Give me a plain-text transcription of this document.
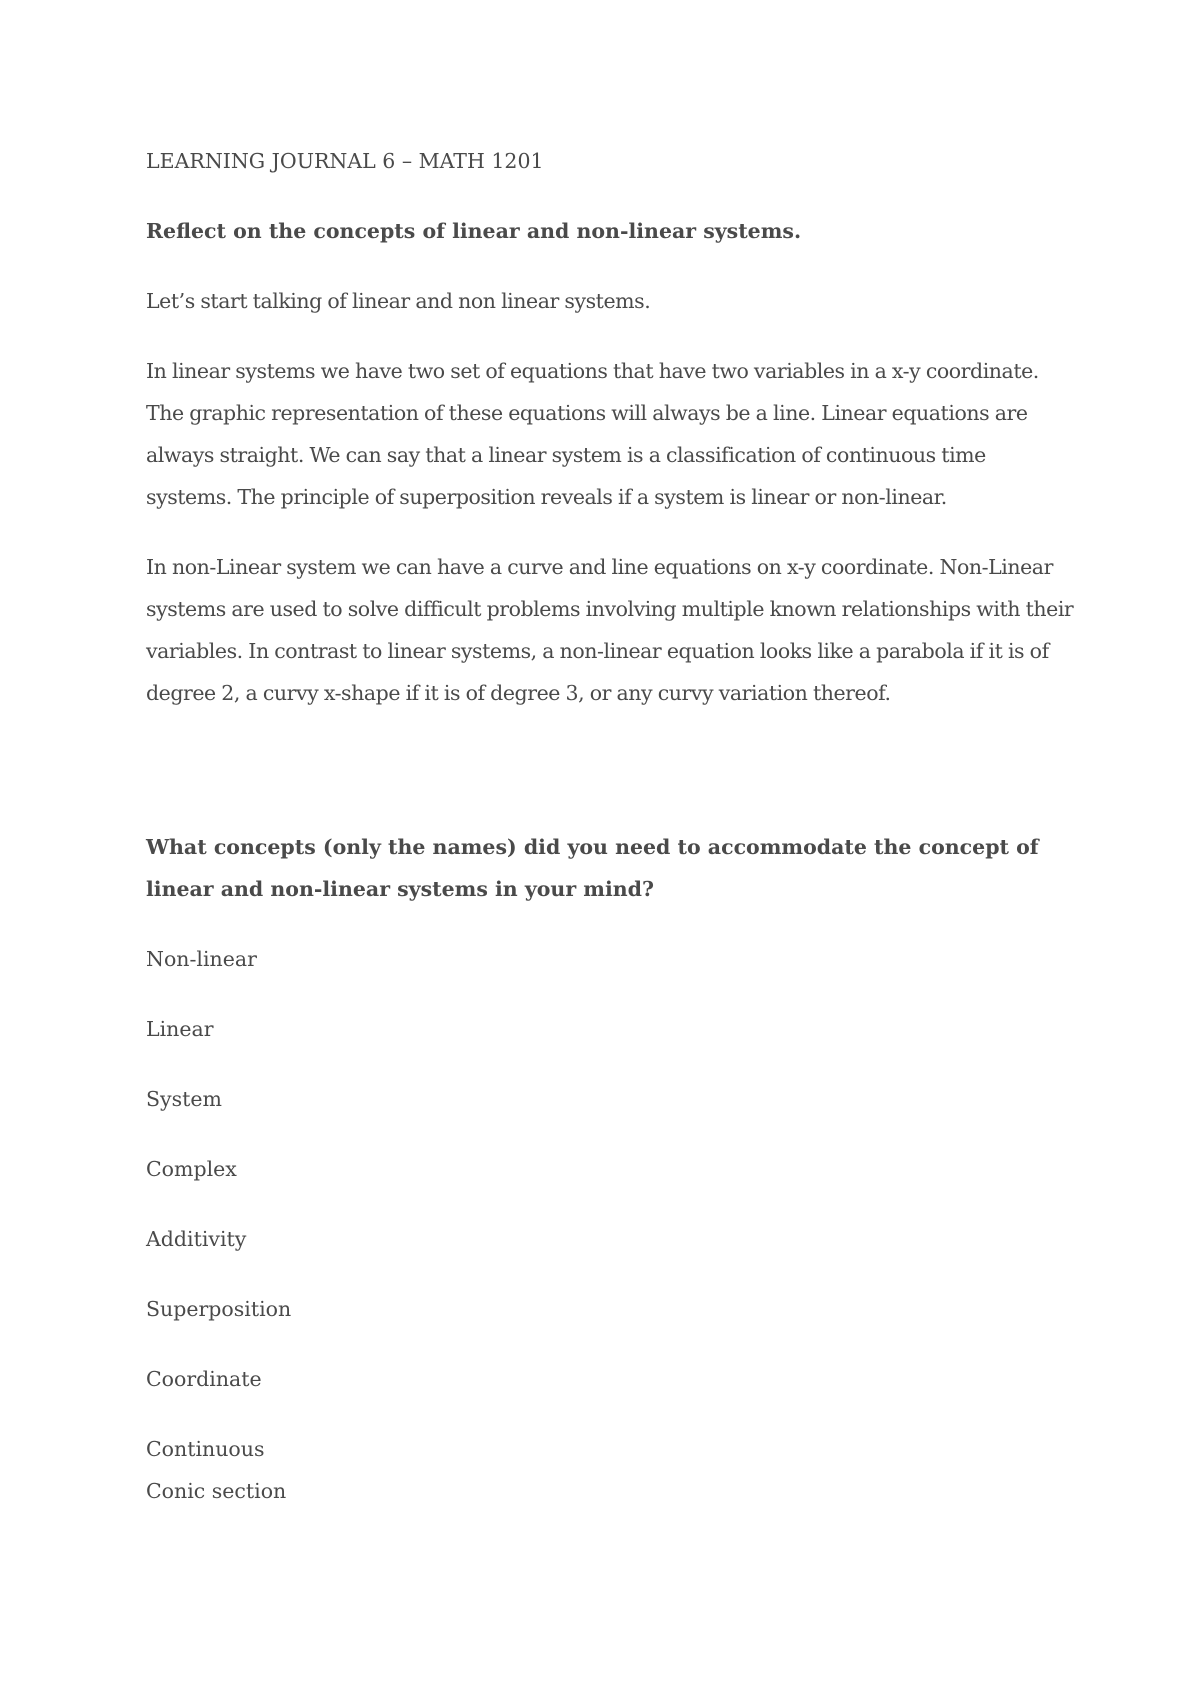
LEARNING JOURNAL 6 – MATH 1201

Reflect on the concepts of linear and non-linear systems.

Let’s start talking of linear and non linear systems.

In linear systems we have two set of equations that have two variables in a x-y coordinate. The graphic representation of these equations will always be a line. Linear equations are always straight. We can say that a linear system is a classification of continuous time systems. The principle of superposition reveals if a system is linear or non-linear.

In non-Linear system we can have a curve and line equations on x-y coordinate. Non-Linear systems are used to solve difficult problems involving multiple known relationships with their variables. In contrast to linear systems, a non-linear equation looks like a parabola if it is of degree 2, a curvy x-shape if it is of degree 3, or any curvy variation thereof.

What concepts (only the names) did you need to accommodate the concept of linear and non-linear systems in your mind?

Non-linear
Linear
System
Complex
Additivity
Superposition
Coordinate
Continuous
Conic section
